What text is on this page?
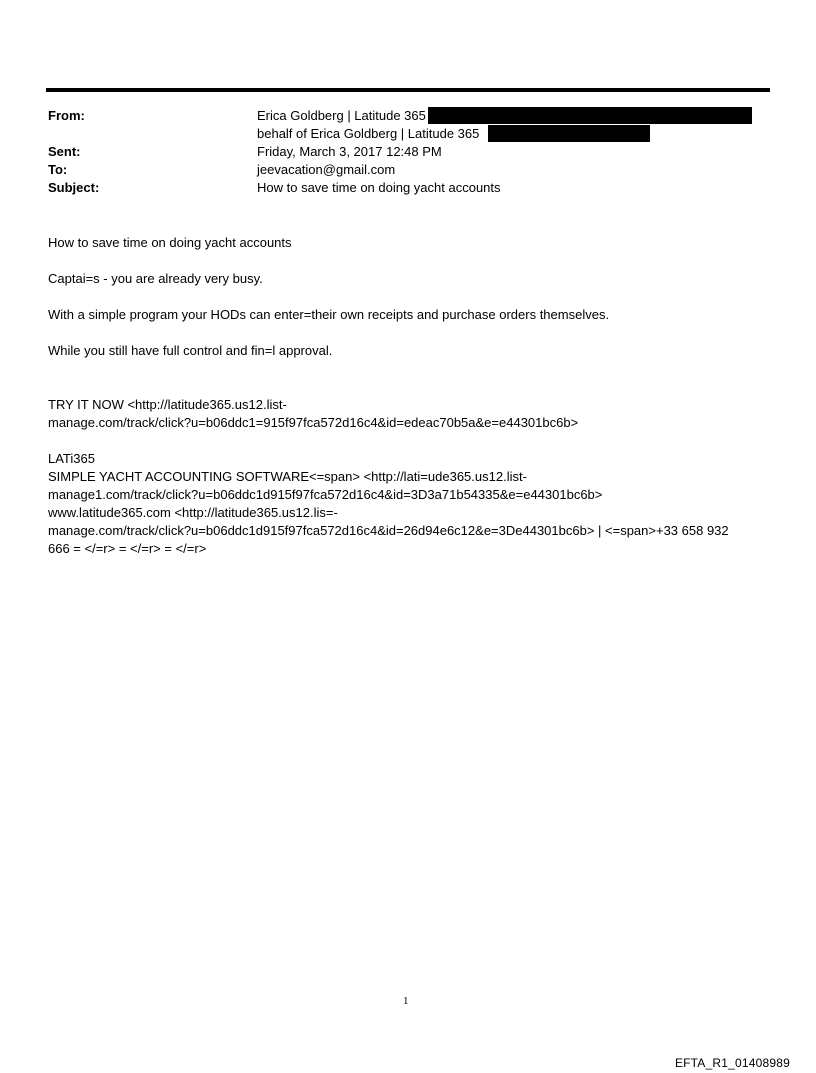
From:	Erica Goldberg | Latitude 365
behalf of Erica Goldberg | Latitude 365
Sent:	Friday, March 3, 2017 12:48 PM
To:	jeevacation@gmail.com
Subject:	How to save time on doing yacht accounts
How to save time on doing yacht accounts
Captai=s - you are already very busy.
With a simple program your HODs can enter=their own receipts and purchase orders themselves.
While you still have full control and fin=l approval.
TRY IT NOW <http://latitude365.us12.list-
manage.com/track/click?u=b06ddc1=915f97fca572d16c4&id=edeac70b5a&e=e44301bc6b>
LATi365
SIMPLE YACHT ACCOUNTING SOFTWARE<=span> <http://lati=ude365.us12.list-
manage1.com/track/click?u=b06ddc1d915f97fca572d16c4&id=3D3a71b54335&e=e44301bc6b>
www.latitude365.com <http://latitude365.us12.lis=-
manage.com/track/click?u=b06ddc1d915f97fca572d16c4&id=26d94e6c12&e=3De44301bc6b> | <=span>+33 658 932
666 = </=r> = </=r> = </=r>
1
EFTA_R1_01408989
